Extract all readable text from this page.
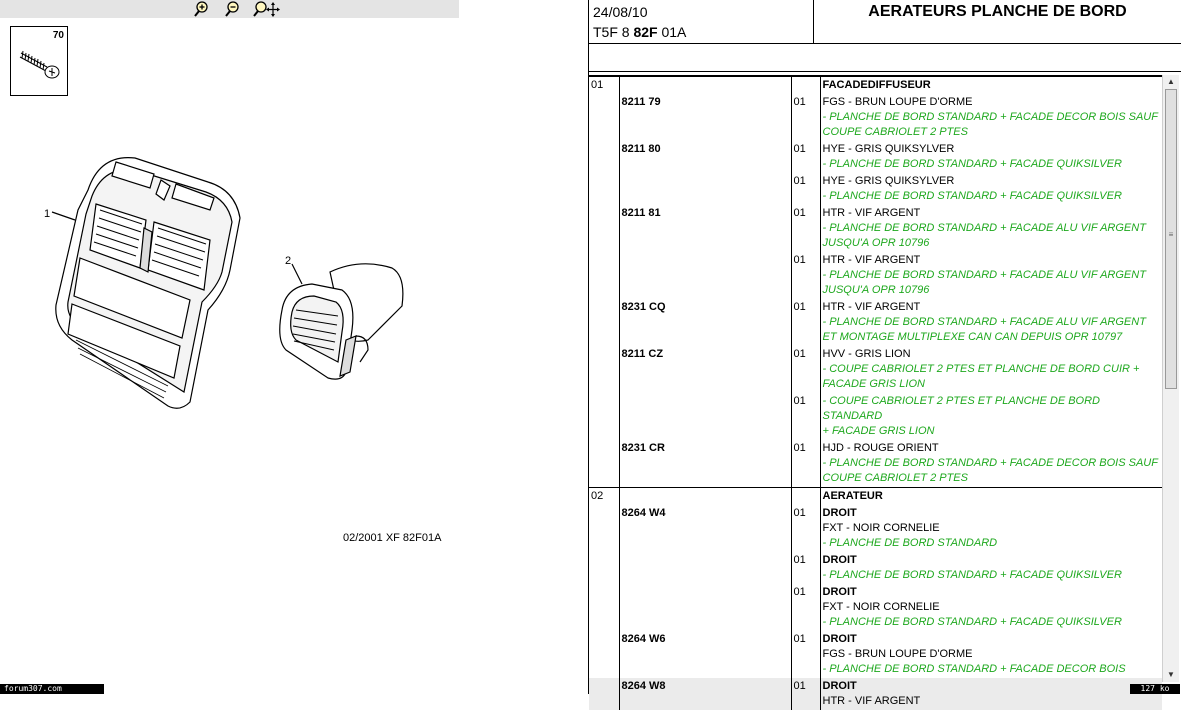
70
1
2
02/2001 XF 82F01A
24/08/10
T5F 8 82F 01A
AERATEURS PLANCHE DE BORD
01			FACADEDIFFUSEUR

	8211 79	01	FGS - BRUN LOUPE D'ORME
- PLANCHE DE BORD STANDARD + FACADE DECOR BOIS SAUF
COUPE CABRIOLET 2 PTES

	8211 80	01	HYE - GRIS QUIKSYLVER
- PLANCHE DE BORD STANDARD + FACADE QUIKSILVER

		01	HYE - GRIS QUIKSYLVER
- PLANCHE DE BORD STANDARD + FACADE QUIKSILVER

	8211 81	01	HTR - VIF ARGENT
- PLANCHE DE BORD STANDARD + FACADE ALU VIF ARGENT
JUSQU'A OPR 10796

		01	HTR - VIF ARGENT
- PLANCHE DE BORD STANDARD + FACADE ALU VIF ARGENT
JUSQU'A OPR 10796

	8231 CQ	01	HTR - VIF ARGENT
- PLANCHE DE BORD STANDARD + FACADE ALU VIF ARGENT
ET MONTAGE MULTIPLEXE CAN CAN DEPUIS OPR 10797

	8211 CZ	01	HVV - GRIS LION
- COUPE CABRIOLET 2 PTES ET PLANCHE DE BORD CUIR +
FACADE GRIS LION

		01	- COUPE CABRIOLET 2 PTES ET PLANCHE DE BORD STANDARD
+ FACADE GRIS LION

	8231 CR	01	HJD - ROUGE ORIENT
- PLANCHE DE BORD STANDARD + FACADE DECOR BOIS SAUF
COUPE CABRIOLET 2 PTES

02			AERATEUR

	8264 W4	01	DROIT
FXT - NOIR CORNELIE
- PLANCHE DE BORD STANDARD

		01	DROIT
- PLANCHE DE BORD STANDARD + FACADE QUIKSILVER

		01	DROIT
FXT - NOIR CORNELIE
- PLANCHE DE BORD STANDARD + FACADE QUIKSILVER

	8264 W6	01	DROIT
FGS - BRUN LOUPE D'ORME
- PLANCHE DE BORD STANDARD + FACADE DECOR BOIS

	8264 W8	01	DROIT
HTR - VIF ARGENT
▲
≡
▼
forum307.com	127 ko
